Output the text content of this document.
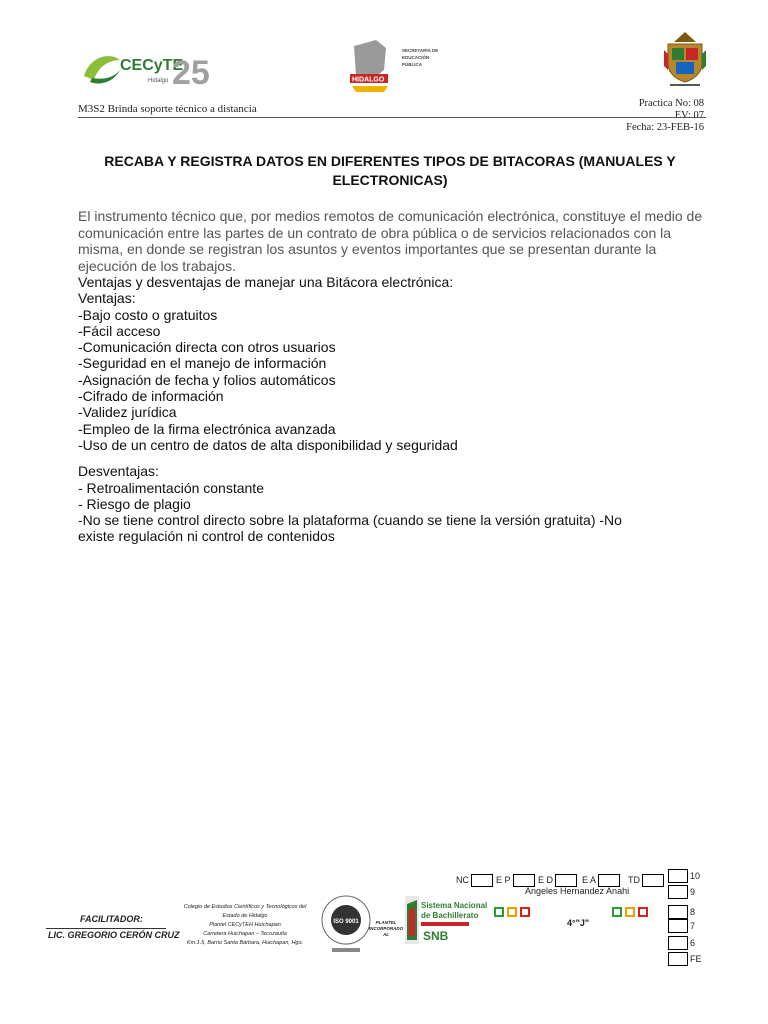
CECyTE
Hidalgo 25	HIDALGO
SECRETARÍA DE
EDUCACIÓN
PÚBLICA
M3S2 Brinda soporte técnico a distancia	Practica No: 08
EV: 07
Fecha: 23-FEB-16
RECABA Y REGISTRA DATOS EN DIFERENTES TIPOS DE BITACORAS (MANUALES Y ELECTRONICAS)
El instrumento técnico que, por medios remotos de comunicación electrónica, constituye el medio de comunicación entre las partes de un contrato de obra pública o de servicios relacionados con la misma, en donde se registran los asuntos y eventos importantes que se presentan durante la ejecución de los trabajos.
Ventajas y desventajas de manejar una Bitácora electrónica:
Ventajas:
-Bajo costo o gratuitos
-Fácil acceso
-Comunicación directa con otros usuarios
-Seguridad en el manejo de información
-Asignación de fecha y folios automáticos
-Cifrado de información
-Validez jurídica
-Empleo de la firma electrónica avanzada
-Uso de un centro de datos de alta disponibilidad y seguridad
Desventajas:
- Retroalimentación constante
- Riesgo de plagio
-No se tiene control directo sobre la plataforma (cuando se tiene la versión gratuita) -No
existe regulación ni control de contenidos
FACILITADOR:
LIC. GREGORIO CERÓN CRUZ
Colegio de Estudios Científicos y Tecnológicos del
Estado de Hidalgo
Plantel CECyTEH Huichapan
Carretera Huichapan – Tecozautla
Km.1.5, Barrio Santa Bárbara, Huichapan, Hgo.
ISO 9001	PLANTEL INCORPORADO AL
Sistema Nacional
de Bachillerato
SNB
NC	E P	E D	E A	TD
Angeles Hernandez Anahi
4°"J"
10
9
8
7
6
FE
